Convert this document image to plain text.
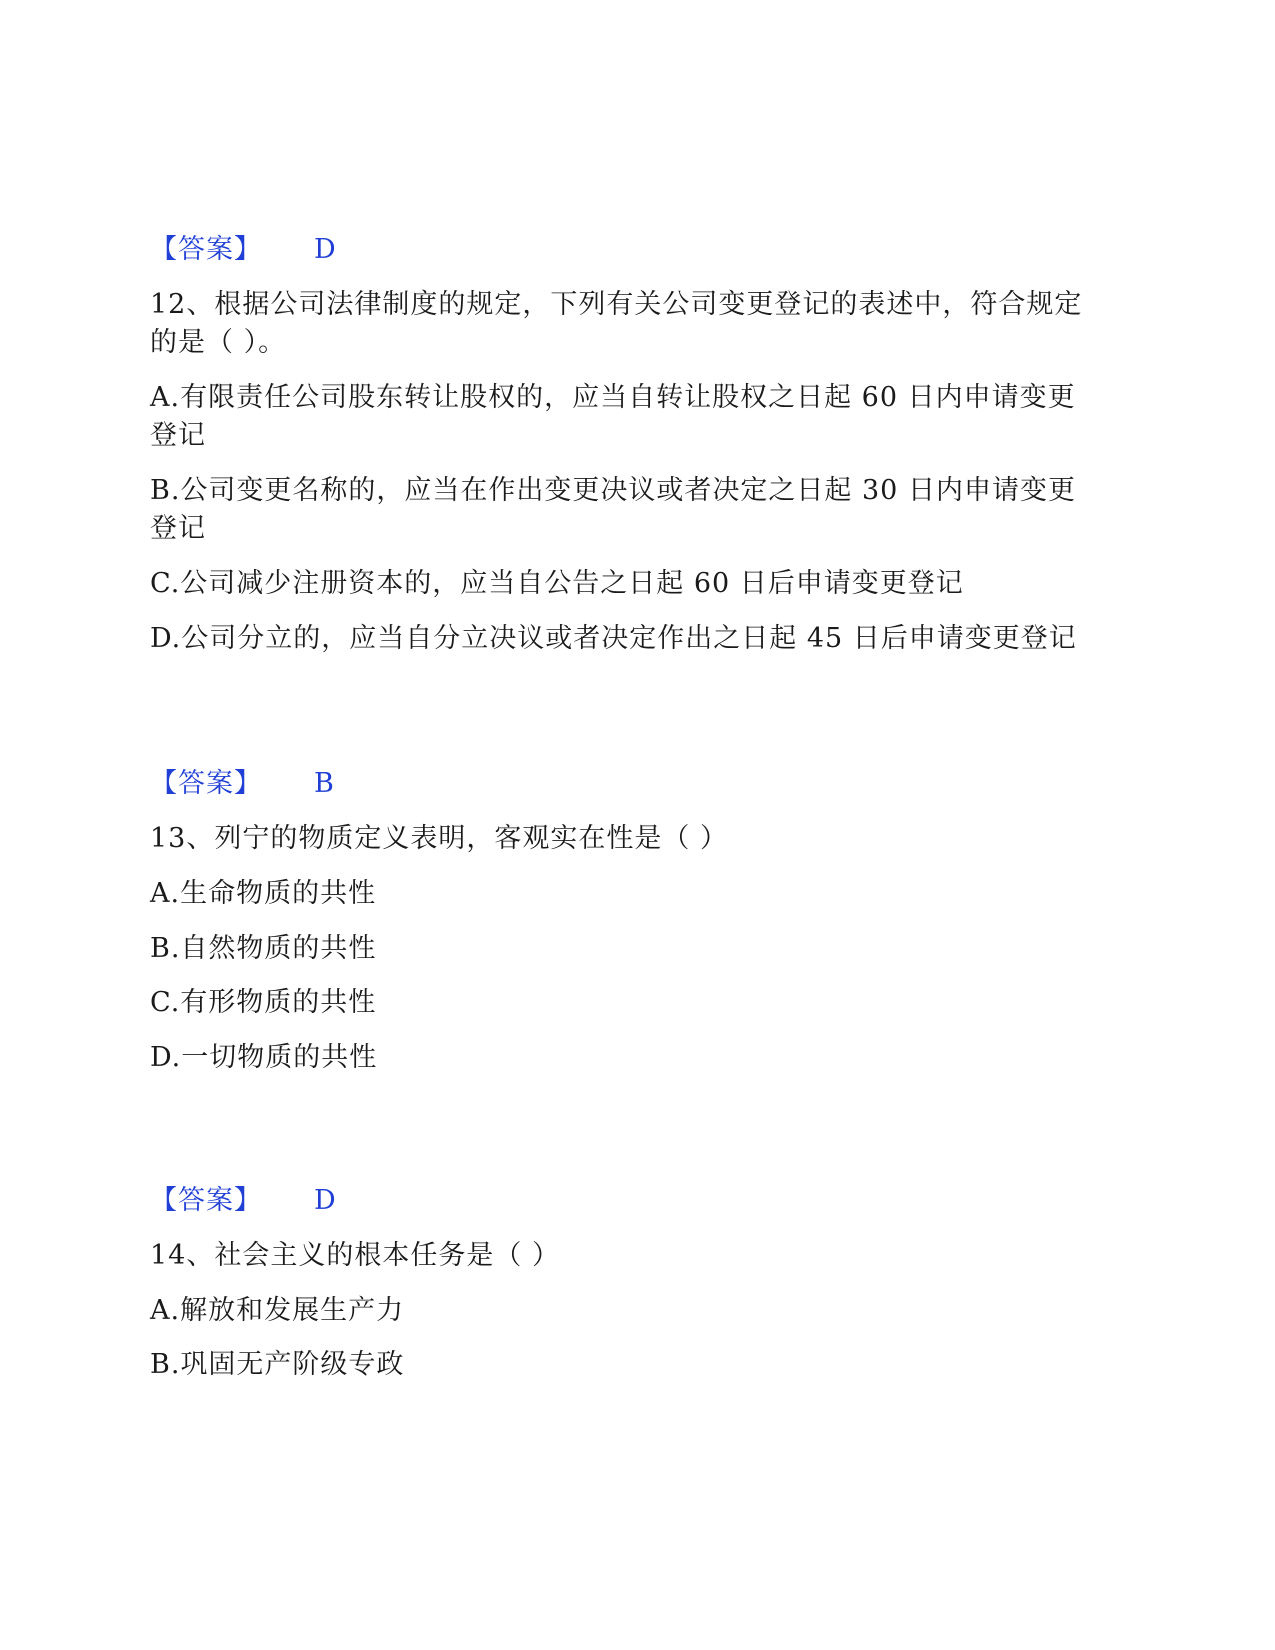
【答案】 D
12、根据公司法律制度的规定，下列有关公司变更登记的表述中，符合规定
的是（ ）。
A.有限责任公司股东转让股权的，应当自转让股权之日起 60 日内申请变更
登记
B.公司变更名称的，应当在作出变更决议或者决定之日起 30 日内申请变更
登记
C.公司减少注册资本的，应当自公告之日起 60 日后申请变更登记
D.公司分立的，应当自分立决议或者决定作出之日起 45 日后申请变更登记
【答案】 B
13、列宁的物质定义表明，客观实在性是（ ）
A.生命物质的共性
B.自然物质的共性
C.有形物质的共性
D.一切物质的共性
【答案】 D
14、社会主义的根本任务是（ ）
A.解放和发展生产力
B.巩固无产阶级专政
